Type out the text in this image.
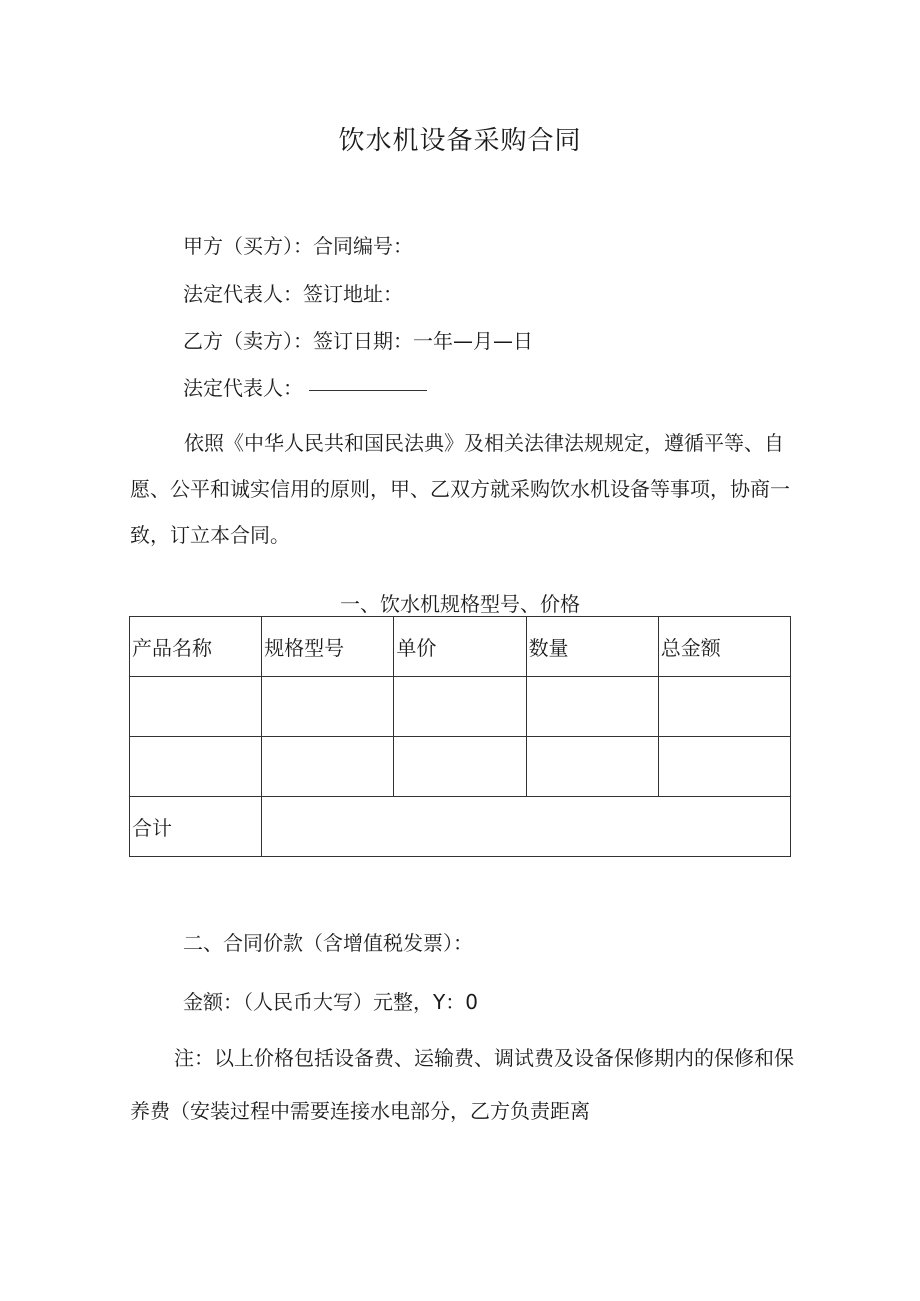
饮水机设备采购合同
甲方（买方）：合同编号：
法定代表人：签订地址：
乙方（卖方）：签订日期：一年—月—日
法定代表人：
依照《中华人民共和国民法典》及相关法律法规规定，遵循平等、自愿、公平和诚实信用的原则，甲、乙双方就采购饮水机设备等事项，协商一致，订立本合同。
一、饮水机规格型号、价格
产品名称	规格型号	单价	数量	总金额

合计				
二、合同价款（含增值税发票）：
金额：（人民币大写）元整，Y：0
注：以上价格包括设备费、运输费、调试费及设备保修期内的保修和保养费（安装过程中需要连接水电部分，乙方负责距离
